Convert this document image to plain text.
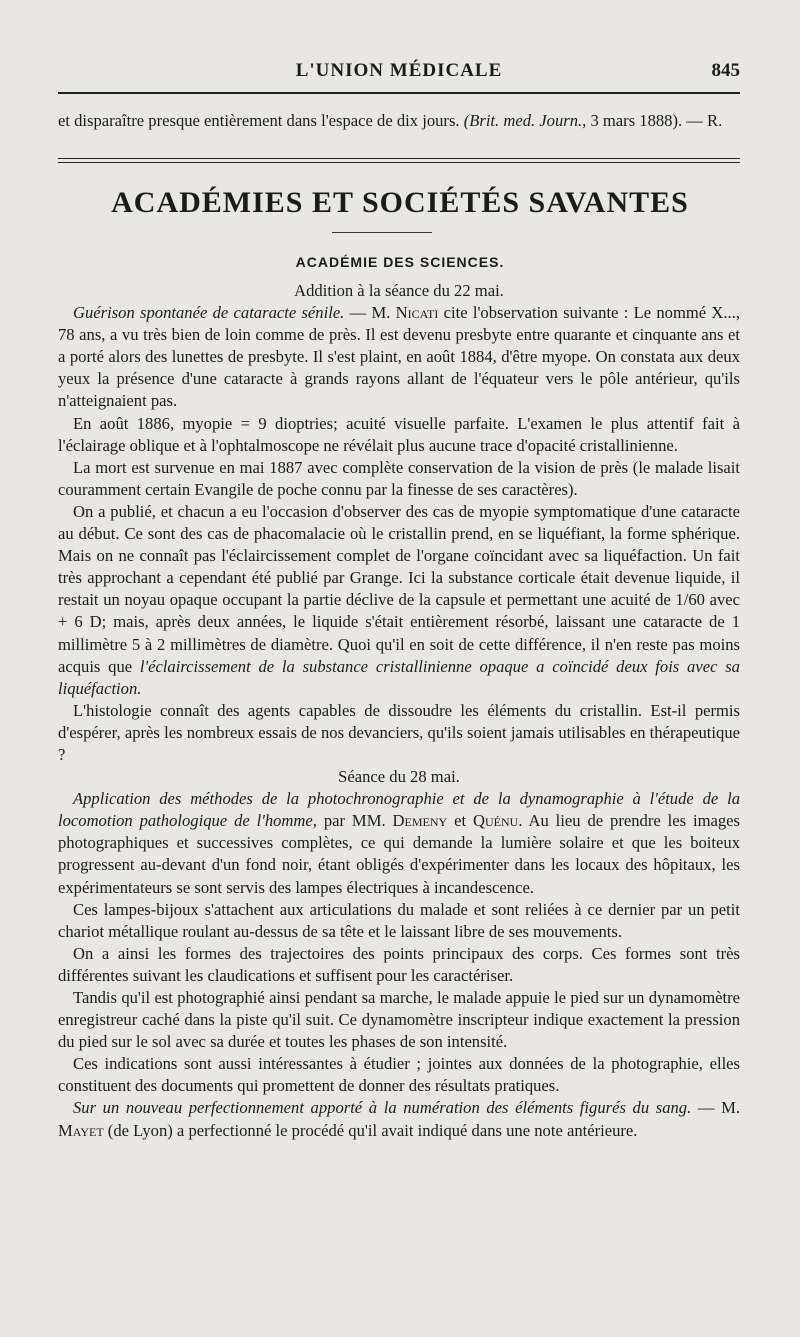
L'UNION MÉDICALE	845

et disparaître presque entièrement dans l'espace de dix jours. (Brit. med. Journ., 3 mars 1888). — R.

ACADÉMIES ET SOCIÉTÉS SAVANTES
ACADÉMIE DES SCIENCES.

Addition à la séance du 22 mai.

Guérison spontanée de cataracte sénile. — M. Nicati cite l'observation suivante : Le nommé X..., 78 ans, a vu très bien de loin comme de près. Il est devenu presbyte entre quarante et cinquante ans et a porté alors des lunettes de presbyte. Il s'est plaint, en août 1884, d'être myope. On constata aux deux yeux la présence d'une cataracte à grands rayons allant de l'équateur vers le pôle antérieur, qu'ils n'atteignaient pas.

En août 1886, myopie = 9 dioptries; acuité visuelle parfaite. L'examen le plus attentif fait à l'éclairage oblique et à l'ophtalmoscope ne révélait plus aucune trace d'opacité cristallinienne.

La mort est survenue en mai 1887 avec complète conservation de la vision de près (le malade lisait couramment certain Evangile de poche connu par la finesse de ses caractères).

On a publié, et chacun a eu l'occasion d'observer des cas de myopie symptomatique d'une cataracte au début. Ce sont des cas de phacomalacie où le cristallin prend, en se liquéfiant, la forme sphérique. Mais on ne connaît pas l'éclaircissement complet de l'organe coïncidant avec sa liquéfaction. Un fait très approchant a cependant été publié par Grange. Ici la substance corticale était devenue liquide, il restait un noyau opaque occupant la partie déclive de la capsule et permettant une acuité de 1/60 avec + 6 D; mais, après deux années, le liquide s'était entièrement résorbé, laissant une cataracte de 1 millimètre 5 à 2 millimètres de diamètre. Quoi qu'il en soit de cette différence, il n'en reste pas moins acquis que l'éclaircissement de la substance cristallinienne opaque a coïncidé deux fois avec sa liquéfaction.

L'histologie connaît des agents capables de dissoudre les éléments du cristallin. Est-il permis d'espérer, après les nombreux essais de nos devanciers, qu'ils soient jamais utilisables en thérapeutique ?

Séance du 28 mai.

Application des méthodes de la photochronographie et de la dynamographie à l'étude de la locomotion pathologique de l'homme, par MM. Demeny et Quénu. Au lieu de prendre les images photographiques et successives complètes, ce qui demande la lumière solaire et que les boiteux progressent au-devant d'un fond noir, étant obligés d'expérimenter dans les locaux des hôpitaux, les expérimentateurs se sont servis des lampes électriques à incandescence.

Ces lampes-bijoux s'attachent aux articulations du malade et sont reliées à ce dernier par un petit chariot métallique roulant au-dessus de sa tête et le laissant libre de ses mouvements.

On a ainsi les formes des trajectoires des points principaux des corps. Ces formes sont très différentes suivant les claudications et suffisent pour les caractériser.

Tandis qu'il est photographié ainsi pendant sa marche, le malade appuie le pied sur un dynamomètre enregistreur caché dans la piste qu'il suit. Ce dynamomètre inscripteur indique exactement la pression du pied sur le sol avec sa durée et toutes les phases de son intensité.

Ces indications sont aussi intéressantes à étudier ; jointes aux données de la photographie, elles constituent des documents qui promettent de donner des résultats pratiques.

Sur un nouveau perfectionnement apporté à la numération des éléments figurés du sang. — M. Mayet (de Lyon) a perfectionné le procédé qu'il avait indiqué dans une note antérieure.
